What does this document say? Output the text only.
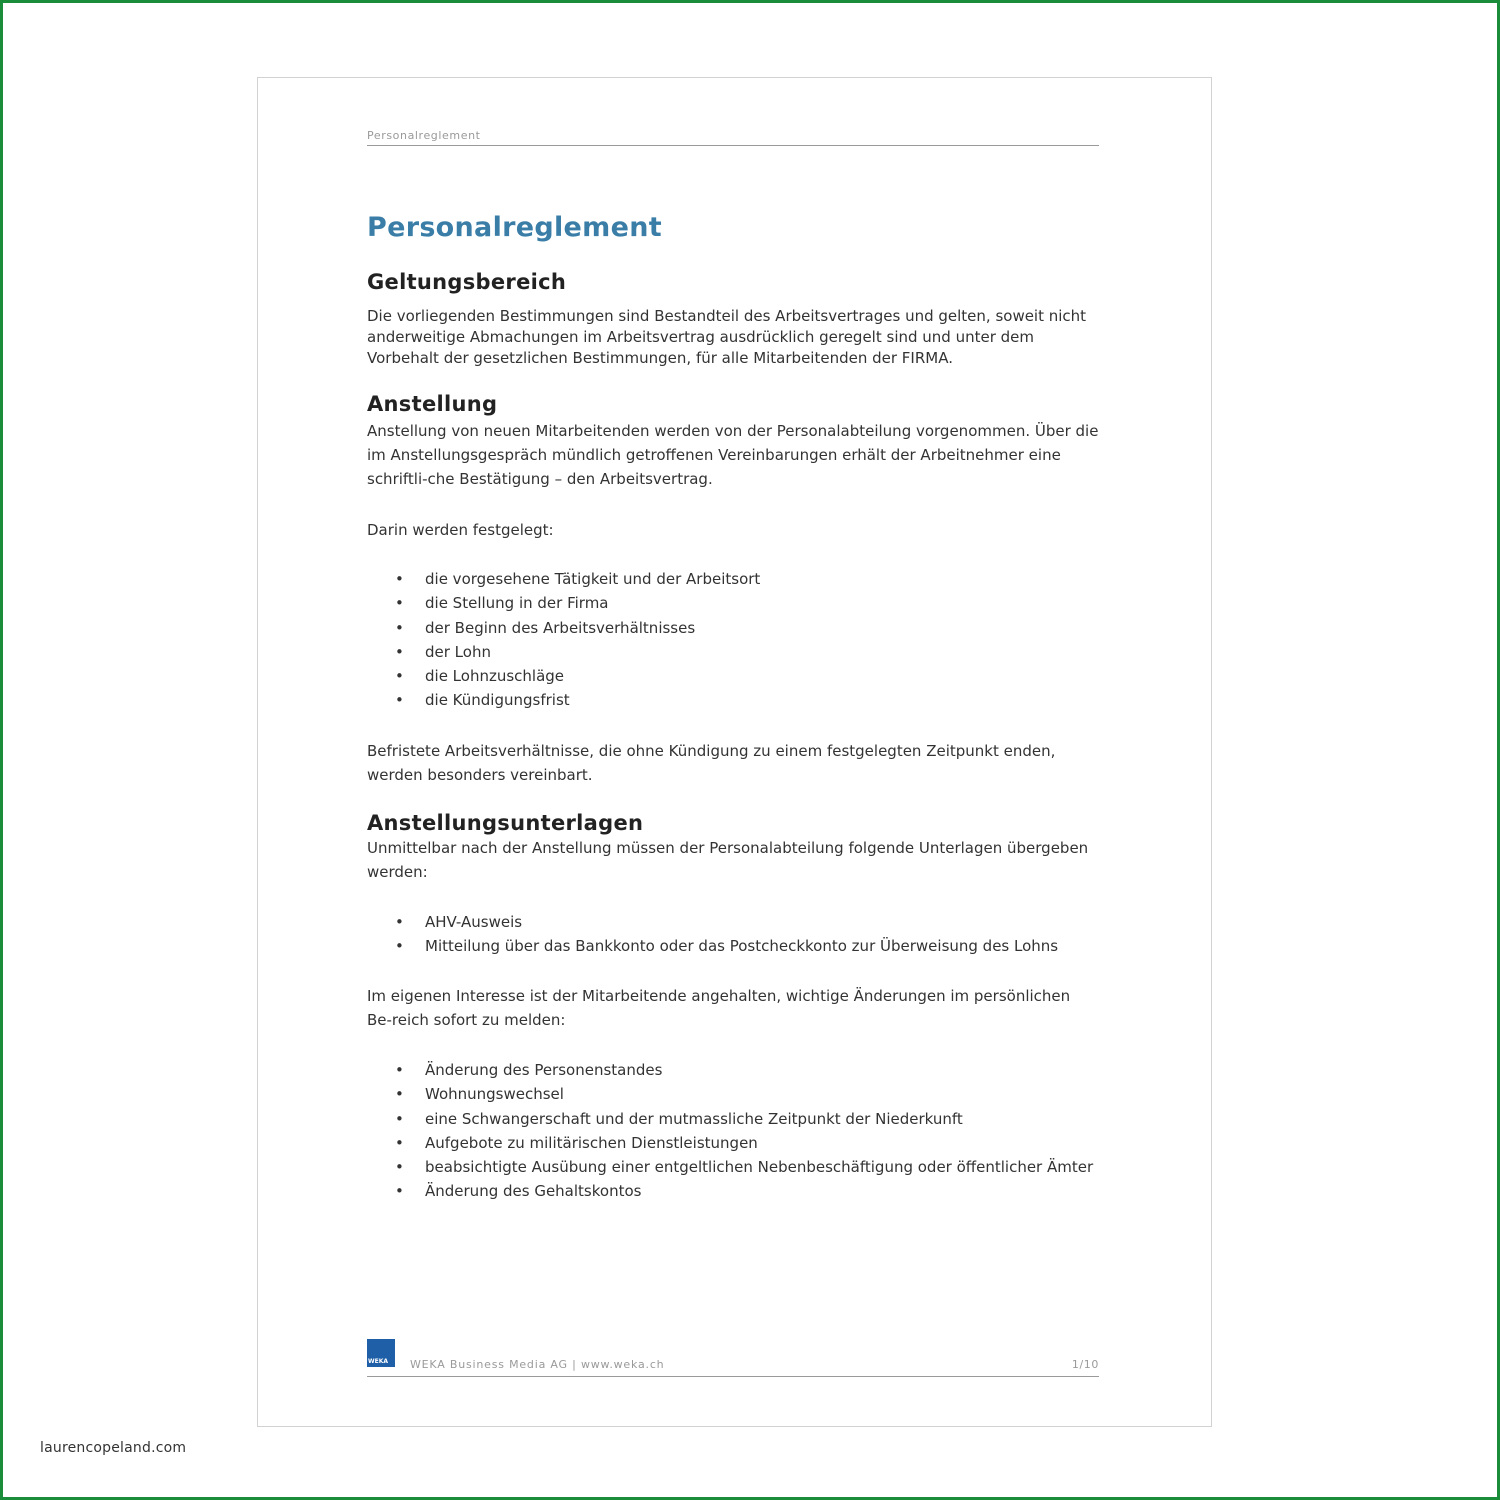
Personalreglement
Personalreglement
Geltungsbereich

Die vorliegenden Bestimmungen sind Bestandteil des Arbeitsvertrages und gelten, soweit nicht anderweitige Abmachungen im Arbeitsvertrag ausdrücklich geregelt sind und unter dem Vorbehalt der gesetzlichen Bestimmungen, für alle Mitarbeitenden der FIRMA.

Anstellung

Anstellung von neuen Mitarbeitenden werden von der Personalabteilung vorgenommen. Über die im Anstellungsgespräch mündlich getroffenen Vereinbarungen erhält der Arbeitnehmer eine schriftli-che Bestätigung – den Arbeitsvertrag.

Darin werden festgelegt:

• die vorgesehene Tätigkeit und der Arbeitsort
• die Stellung in der Firma
• der Beginn des Arbeitsverhältnisses
• der Lohn
• die Lohnzuschläge
• die Kündigungsfrist

Befristete Arbeitsverhältnisse, die ohne Kündigung zu einem festgelegten Zeitpunkt enden, werden besonders vereinbart.

Anstellungsunterlagen

Unmittelbar nach der Anstellung müssen der Personalabteilung folgende Unterlagen übergeben werden:

• AHV-Ausweis
• Mitteilung über das Bankkonto oder das Postcheckkonto zur Überweisung des Lohns

Im eigenen Interesse ist der Mitarbeitende angehalten, wichtige Änderungen im persönlichen Be-reich sofort zu melden:

• Änderung des Personenstandes
• Wohnungswechsel
• eine Schwangerschaft und der mutmassliche Zeitpunkt der Niederkunft
• Aufgebote zu militärischen Dienstleistungen
• beabsichtigte Ausübung einer entgeltlichen Nebenbeschäftigung oder öffentlicher Ämter
• Änderung des Gehaltskontos
WEKA WEKA Business Media AG | www.weka.ch	1/10
laurencopeland.com
